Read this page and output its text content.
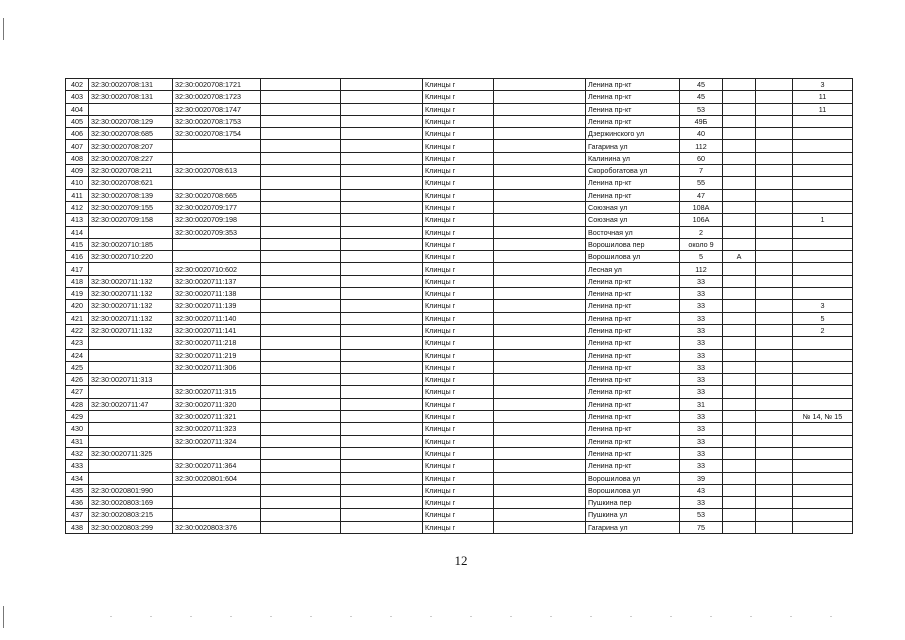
402	32:30:0020708:131	32:30:0020708:1721			Клинцы г		Ленина пр-кт	45			3
403	32:30:0020708:131	32:30:0020708:1723			Клинцы г		Ленина пр-кт	45			11
404		32:30:0020708:1747			Клинцы г		Ленина пр-кт	53			11
405	32:30:0020708:129	32:30:0020708:1753			Клинцы г		Ленина пр-кт	49Б			
406	32:30:0020708:685	32:30:0020708:1754			Клинцы г		Дзержинского ул	40			
407	32:30:0020708:207				Клинцы г		Гагарина ул	112			
408	32:30:0020708:227				Клинцы г		Калинина ул	60			
409	32:30:0020708:211	32:30:0020708:613			Клинцы г		Скоробогатова ул	7			
410	32:30:0020708:621				Клинцы г		Ленина пр-кт	55			
411	32:30:0020708:139	32:30:0020708:665			Клинцы г		Ленина пр-кт	47			
412	32:30:0020709:155	32:30:0020709:177			Клинцы г		Союзная ул	108А			
413	32:30:0020709:158	32:30:0020709:198			Клинцы г		Союзная ул	106А			1
414		32:30:0020709:353			Клинцы г		Восточная ул	2			
415	32:30:0020710:185				Клинцы г		Ворошилова пер	около 9			
416	32:30:0020710:220				Клинцы г		Ворошилова ул	5	А		
417		32:30:0020710:602			Клинцы г		Лесная ул	112			
418	32:30:0020711:132	32:30:0020711:137			Клинцы г		Ленина пр-кт	33			
419	32:30:0020711:132	32:30:0020711:138			Клинцы г		Ленина пр-кт	33			
420	32:30:0020711:132	32:30:0020711:139			Клинцы г		Ленина пр-кт	33			3
421	32:30:0020711:132	32:30:0020711:140			Клинцы г		Ленина пр-кт	33			5
422	32:30:0020711:132	32:30:0020711:141			Клинцы г		Ленина пр-кт	33			2
423		32:30:0020711:218			Клинцы г		Ленина пр-кт	33			
424		32:30:0020711:219			Клинцы г		Ленина пр-кт	33			
425		32:30:0020711:306			Клинцы г		Ленина пр-кт	33			
426	32:30:0020711:313				Клинцы г		Ленина пр-кт	33			
427		32:30:0020711:315			Клинцы г		Ленина пр-кт	33			
428	32:30:0020711:47	32:30:0020711:320			Клинцы г		Ленина пр-кт	31			
429		32:30:0020711:321			Клинцы г		Ленина пр-кт	33			№ 14, № 15
430		32:30:0020711:323			Клинцы г		Ленина пр-кт	33			
431		32:30:0020711:324			Клинцы г		Ленина пр-кт	33			
432	32:30:0020711:325				Клинцы г		Ленина пр-кт	33			
433		32:30:0020711:364			Клинцы г		Ленина пр-кт	33			
434		32:30:0020801:604			Клинцы г		Ворошилова ул	39			
435	32:30:0020801:990				Клинцы г		Ворошилова ул	43			
436	32:30:0020803:169				Клинцы г		Пушкина пер	33			
437	32:30:0020803:215				Клинцы г		Пушкина ул	53			
438	32:30:0020803:299	32:30:0020803:376			Клинцы г		Гагарина ул	75			
12
